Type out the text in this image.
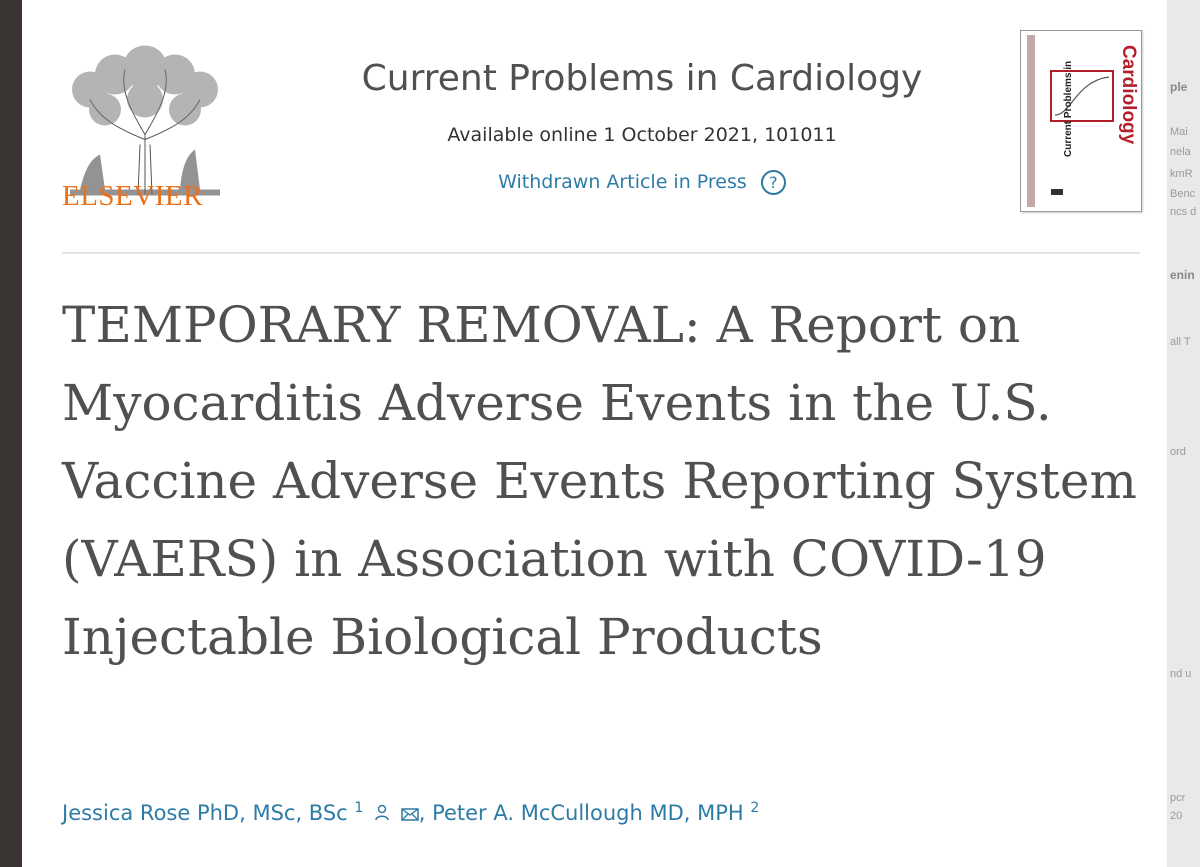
ELSEVIER
Current Problems in Cardiology
Available online 1 October 2021, 101011
Withdrawn Article in Press ?
Current Problems in Cardiology
TEMPORARY REMOVAL: A Report on Myocarditis Adverse Events in the U.S. Vaccine Adverse Events Reporting System (VAERS) in Association with COVID-19 Injectable Biological Products
Jessica Rose PhD, MSc, BSc $^1$	, Peter A. McCullough MD, MPH $^2$
ple
Mai
nela
kmR
Benc
ncs d
enin
all T
ord
nd u
pcr
20
